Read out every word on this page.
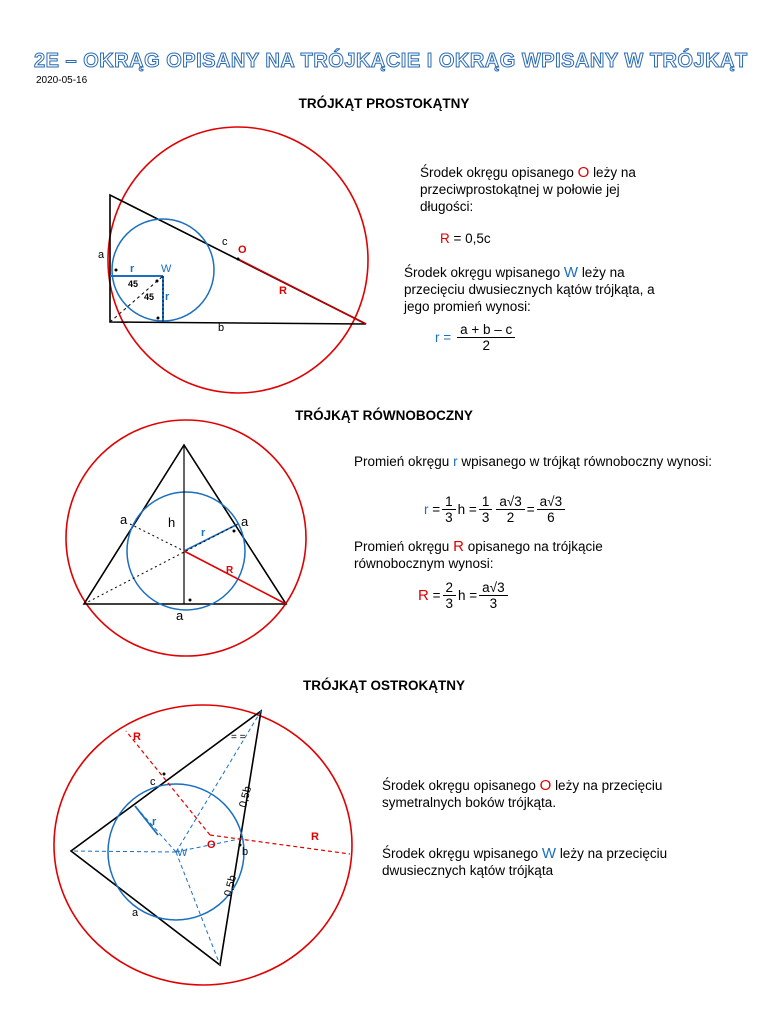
2E – OKRĄG OPISANY NA TRÓJKĄCIE I OKRĄG WPISANY W TRÓJKĄT
2020-05-16
TRÓJKĄT PROSTOKĄTNY
a
b
c
O
R
W
r
r
45
45
a	a
a
h
r
R
R
R
c
r
W
O
b
a
0,5b
0,5b
= =
Środek okręgu opisanego O leży na przeciwprostokątnej w połowie jej długości:
R = 0,5c
Środek okręgu wpisanego W leży na przecięciu dwusiecznych kątów trójkąta, a jego promień wynosi:
$r = \frac{a + b - c}{2}$
TRÓJKĄT RÓWNOBOCZNY
Promień okręgu r wpisanego w trójkąt równoboczny wynosi:
r
= $\frac{1}{3}$ $h = \frac{1}{3} \frac{a√3}{2} = \frac{a√3}{6}$
Promień okręgu R opisanego na trójkącie równobocznym wynosi:
R
= $\frac{2}{3}$ $h = \frac{a√3}{3}$
TRÓJKĄT OSTROKĄTNY
Środek okręgu opisanego O leży na przecięciu symetralnych boków trójkąta.
Środek okręgu wpisanego W leży na przecięciu dwusiecznych kątów trójkąta
